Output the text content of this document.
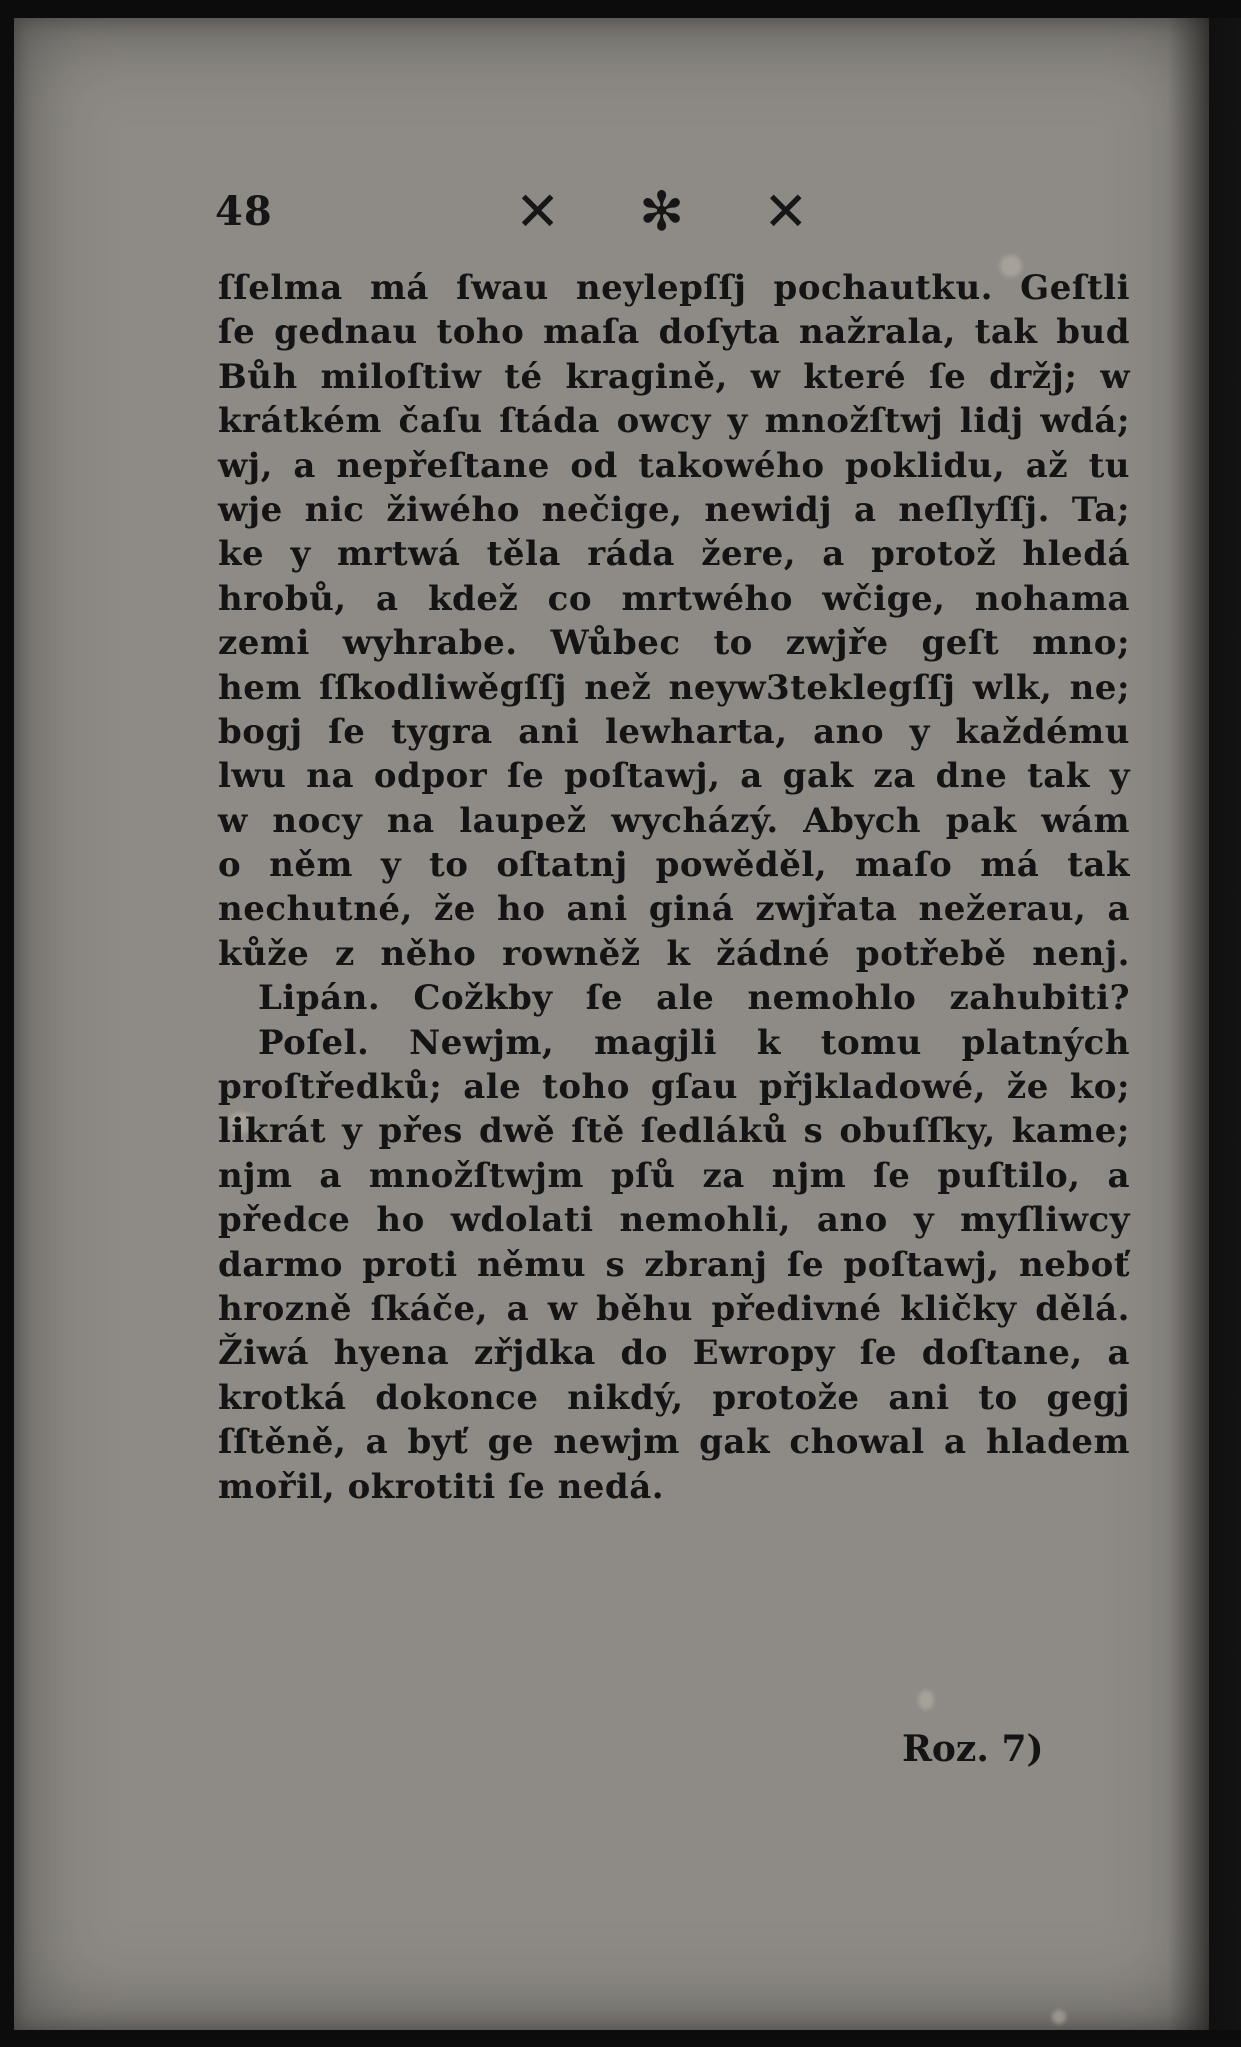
48	✕ ✻ ✕
ſſelma má ſwau neylepſſj pochautku. Geſtli
ſe gednau toho maſa doſyta nažrala, tak bud
Bůh miloſtiw té kragině, w které ſe držj; w
krátkém čaſu ſtáda owcy y množſtwj lidj wdá;
wj, a nepřeſtane od takowého poklidu, až tu
wje nic žiwého nečige, newidj a neſlyſſj. Ta;
ke y mrtwá těla ráda žere, a protož hledá
hrobů, a kdež co mrtwého wčige, nohama
zemi wyhrabe. Wůbec to zwjře geſt mno;
hem ſſkodliwěgſſj než neyw3teklegſſj wlk, ne;
bogj ſe tygra ani lewharta, ano y každému
lwu na odpor ſe poſtawj, a gak za dne tak y
w nocy na laupež wycházý. Abych pak wám
o něm y to oſtatnj powěděl, maſo má tak
nechutné, že ho ani giná zwjřata nežerau, a
kůže z něho rowněž k žádné potřebě nenj.
Lipán. Cožkby ſe ale nemohlo zahubiti?
Poſel. Newjm, magjli k tomu platných
proſtředků; ale toho gſau přjkladowé, že ko;
likrát y přes dwě ſtě ſedláků s obuſſky, kame;
njm a množſtwjm pſů za njm ſe puſtilo, a
předce ho wdolati nemohli, ano y myſliwcy
darmo proti němu s zbranj ſe poſtawj, neboť
hrozně ſkáče, a w běhu předivné kličky dělá.
Žiwá hyena zřjdka do Ewropy ſe doſtane, a
krotká dokonce nikdý, protože ani to gegj
ſſtěně, a byť ge newjm gak chowal a hladem
mořil, okrotiti ſe nedá.
Roz. 7)
